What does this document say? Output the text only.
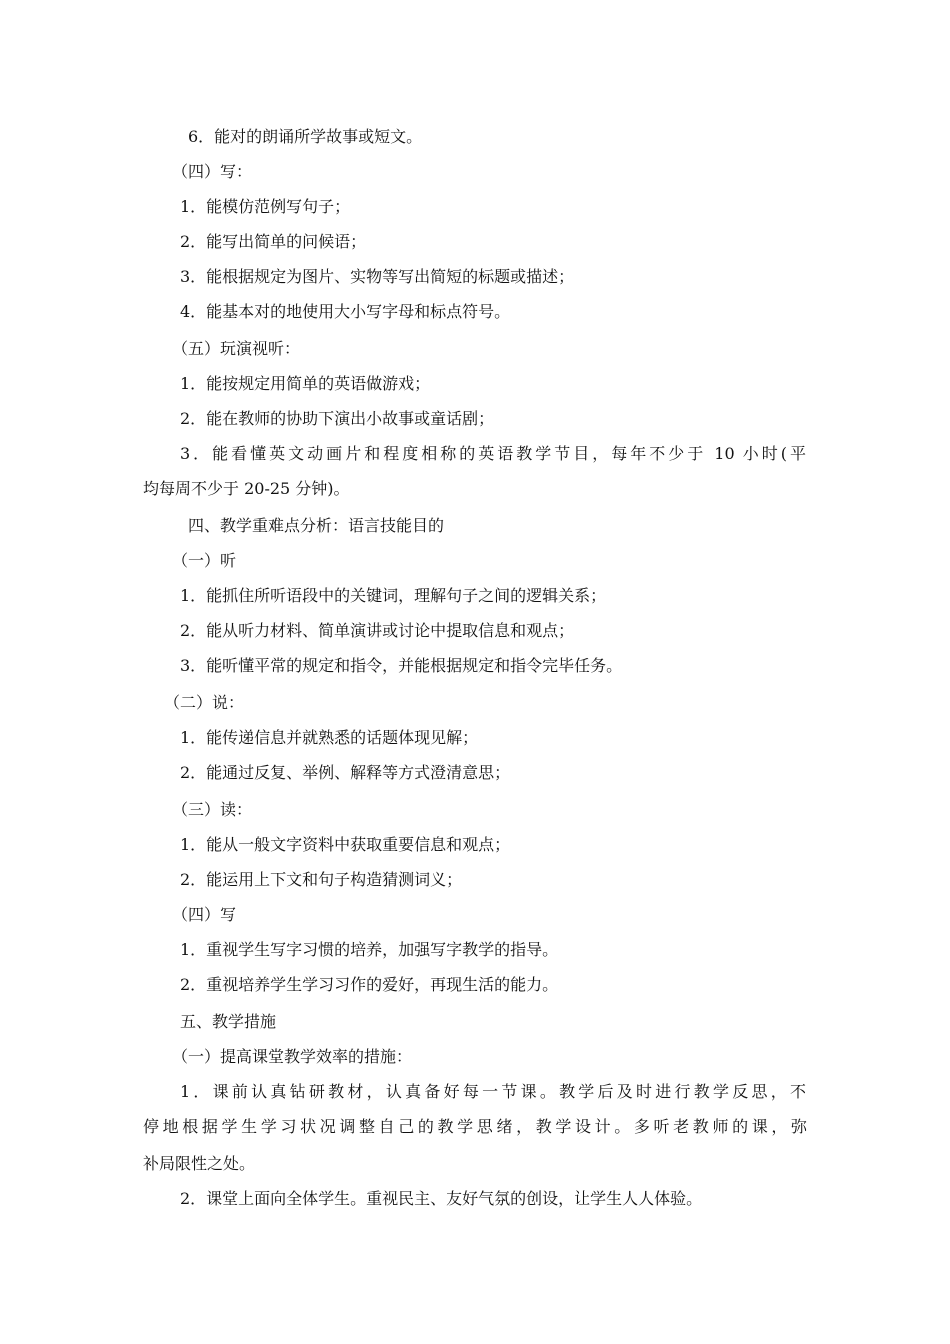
6．能对的朗诵所学故事或短文。
（四）写：
1．能模仿范例写句子；
2．能写出简单的问候语；
3．能根据规定为图片、实物等写出简短的标题或描述；
4．能基本对的地使用大小写字母和标点符号。
（五）玩演视听：
1．能按规定用简单的英语做游戏；
2．能在教师的协助下演出小故事或童话剧；
3．能看懂英文动画片和程度相称的英语教学节目，每年不少于 10 小时(平
均每周不少于 20-25 分钟)。
四、教学重难点分析：语言技能目的
（一）听
1．能抓住所听语段中的关键词，理解句子之间的逻辑关系；
2．能从听力材料、简单演讲或讨论中提取信息和观点；
3．能听懂平常的规定和指令，并能根据规定和指令完毕任务。
（二）说：
1．能传递信息并就熟悉的话题体现见解；
2．能通过反复、举例、解释等方式澄清意思；
（三）读：
1．能从一般文字资料中获取重要信息和观点；
2．能运用上下文和句子构造猜测词义；
（四）写
1．重视学生写字习惯的培养，加强写字教学的指导。
2．重视培养学生学习习作的爱好，再现生活的能力。
五、教学措施
（一）提高课堂教学效率的措施：
1．课前认真钻研教材，认真备好每一节课。教学后及时进行教学反思，不
停地根据学生学习状况调整自己的教学思绪，教学设计。多听老教师的课，弥
补局限性之处。
2．课堂上面向全体学生。重视民主、友好气氛的创设，让学生人人体验。
